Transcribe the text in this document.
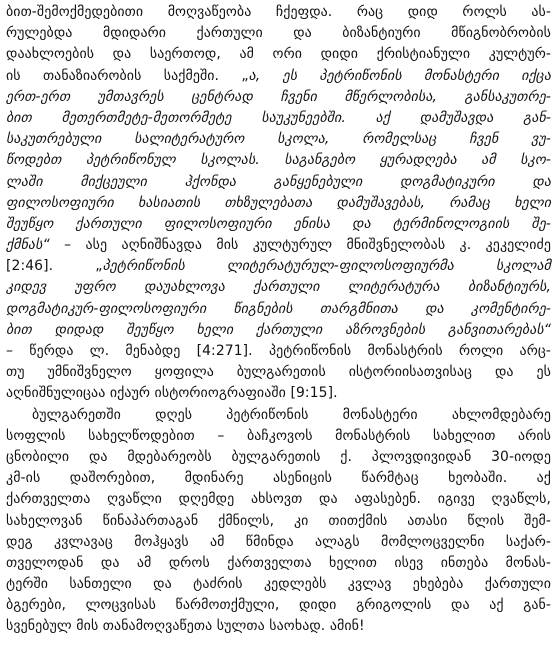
ბით-შემოქმედებითი მოღვაწეობა ჩქეფდა. რაც დიდ როლს ას-
რულებდა მდიდარი ქართული და ბიზანტიური მწიგნობრობის
დაახლოების და საერთოდ, ამ ორი დიდი ქრისტიანული კულტურ-
ის თანაზიარობის საქმეში. „ა, ეს პეტრიწონის მონასტერი იქცა
ერთ-ერთ უმთავრეს ცენტრად ჩვენი მწერლობისა, განსაკუთრე-
ბით მეთერთმეტე-მეთორმეტე საუკუნეებში. აქ დამუშავდა გან-
საკუთრებული სალიტერატურო სკოლა, რომელსაც ჩვენ ვუ-
წოდებთ პეტრიწონულ სკოლას. საგანგებო ყურადღება ამ სკო-
ლაში მიქცეული ჰქონდა განყენებული დოგმატიკური და
ფილოსოფიური ხასიათის თხზულებათა დამუშავებას, რამაც ხელი
შეუწყო ქართული ფილოსოფიური ენისა და ტერმინოლოგიის შე-
ქმნას“ – ასე აღნიშნავდა მის კულტურულ მნიშვნელობას კ. კეკელიძე
[2:46]. „პეტრიწონის ლიტერატურულ-ფილოსოფიურმა სკოლამ
კიდევ უფრო დაუახლოვა ქართული ლიტერატურა ბიზანტიურს,
დოგმატიკურ-ფილოსოფიური წიგნების თარგმნითა და კომენტირე-
ბით დიდად შეუწყო ხელი ქართული აზროვნების განვითარებას“
– წერდა ლ. მენაბდე [4:271]. პეტრიწონის მონასტრის როლი არც-
თუ უმნიშვნელო ყოფილა ბულგარეთის ისტორიისათვისაც და ეს
აღნიშნულიცაა იქაურ ისტორიოგრაფიაში [9:15].
ბულგარეთში დღეს პეტრიწონის მონასტერი ახლომდებარე
სოფლის სახელწოდებით – ბაჩკოვოს მონასტრის სახელით არის
ცნობილი და მდებარეობს ბულგარეთის ქ. პლოვდივიდან 30-იოდე
კმ-ის დაშორებით, მდინარე ასენიცის წარმტაც ხეობაში. აქ
ქართველთა ღვაწლი დღემდე ახსოვთ და აფასებენ. იგივე ღვაწლს,
სახელოვან წინაპართაგან ქმნილს, კი თითქმის ათასი წლის შემ-
დეგ კვლავაც მოჰყავს ამ წმინდა ალაგს მომლოცველნი საქარ-
თველოდან და ამ დროს ქართველთა ხელით ისევ ინთება მონას-
ტერში სანთელი და ტაძრის კედლებს კვლავ ეხებება ქართული
ბგერები, ლოცვისას წარმოთქმული, დიდი გრიგოლის და აქ გან-
სვენებულ მის თანამოღვაწეთა სულთა საოხად. ამინ!
